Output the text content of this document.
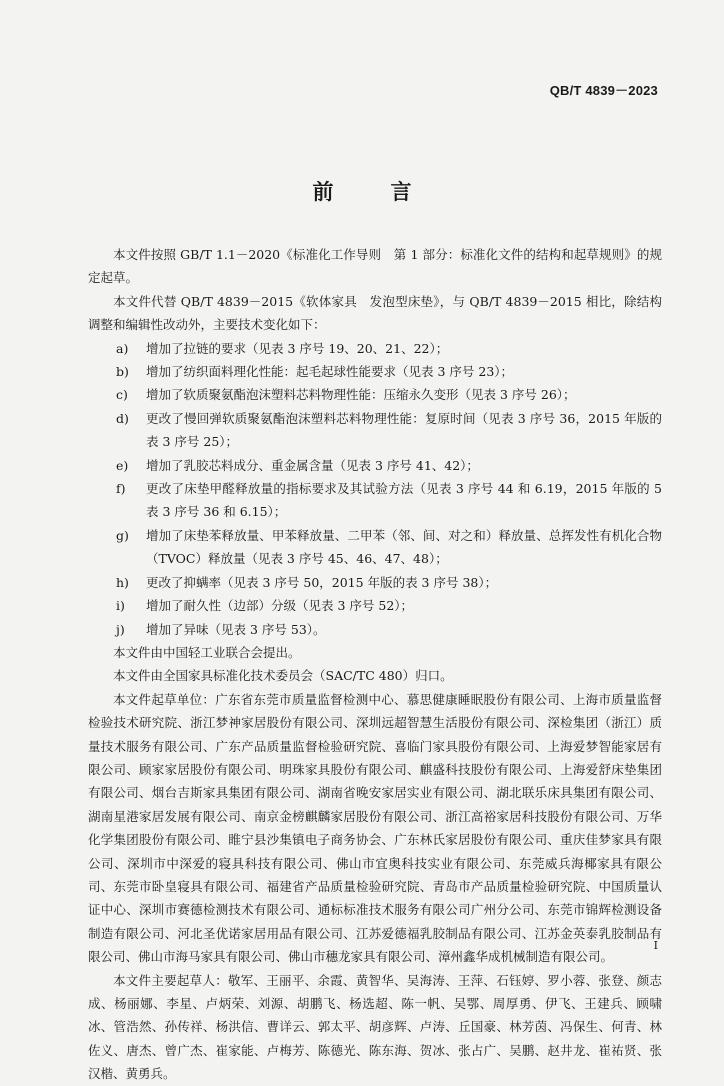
QB/T 4839－2023
前　言

本文件按照 GB/T 1.1－2020《标准化工作导则　第 1 部分：标准化文件的结构和起草规则》的规定起草。

本文件代替 QB/T 4839－2015《软体家具　发泡型床垫》，与 QB/T 4839－2015 相比，除结构调整和编辑性改动外，主要技术变化如下：

a)	增加了拉链的要求（见表 3 序号 19、20、21、22）；
b)	增加了纺织面料理化性能：起毛起球性能要求（见表 3 序号 23）；
c)	增加了软质聚氨酯泡沫塑料芯料物理性能：压缩永久变形（见表 3 序号 26）；
d)	更改了慢回弹软质聚氨酯泡沫塑料芯料物理性能：复原时间（见表 3 序号 36，2015 年版的表 3 序号 25）；
e)	增加了乳胶芯料成分、重金属含量（见表 3 序号 41、42）；
f)	更改了床垫甲醛释放量的指标要求及其试验方法（见表 3 序号 44 和 6.19，2015 年版的 5 表 3 序号 36 和 6.15）；
g)	增加了床垫苯释放量、甲苯释放量、二甲苯（邻、间、对之和）释放量、总挥发性有机化合物（TVOC）释放量（见表 3 序号 45、46、47、48）；
h)	更改了抑螨率（见表 3 序号 50，2015 年版的表 3 序号 38）；
i)	增加了耐久性（边部）分级（见表 3 序号 52）；
j)	增加了异味（见表 3 序号 53）。

本文件由中国轻工业联合会提出。

本文件由全国家具标准化技术委员会（SAC/TC 480）归口。

本文件起草单位：广东省东莞市质量监督检测中心、慕思健康睡眠股份有限公司、上海市质量监督检验技术研究院、浙江梦神家居股份有限公司、深圳远超智慧生活股份有限公司、深检集团（浙江）质量技术服务有限公司、广东产品质量监督检验研究院、喜临门家具股份有限公司、上海爱梦智能家居有限公司、顾家家居股份有限公司、明珠家具股份有限公司、麒盛科技股份有限公司、上海爱舒床垫集团有限公司、烟台吉斯家具集团有限公司、湖南省晚安家居实业有限公司、湖北联乐床具集团有限公司、湖南星港家居发展有限公司、南京金榜麒麟家居股份有限公司、浙江高裕家居科技股份有限公司、万华化学集团股份有限公司、睢宁县沙集镇电子商务协会、广东林氏家居股份有限公司、重庆佳梦家具有限公司、深圳市中深爱的寝具科技有限公司、佛山市宜奥科技实业有限公司、东莞威兵海椰家具有限公司、东莞市卧皇寝具有限公司、福建省产品质量检验研究院、青岛市产品质量检验研究院、中国质量认证中心、深圳市赛德检测技术有限公司、通标标准技术服务有限公司广州分公司、东莞市锦辉检测设备制造有限公司、河北圣优诺家居用品有限公司、江苏爱德福乳胶制品有限公司、江苏金英泰乳胶制品有限公司、佛山市海马家具有限公司、佛山市穗龙家具有限公司、漳州鑫华成机械制造有限公司。

本文件主要起草人：敬军、王丽平、余霞、黄智华、吴海涛、王萍、石钰婷、罗小蓉、张登、颜志成、杨丽娜、李星、卢炳荣、刘源、胡鹏飞、杨选超、陈一帆、吴鄂、周厚勇、伊飞、王建兵、顾啸冰、管浩然、孙传祥、杨洪信、曹详云、郭太平、胡彦辉、卢涛、丘国豪、林芳茵、冯保生、何青、林佐义、唐杰、曾广杰、崔家能、卢梅芳、陈德光、陈东海、贺冰、张占广、吴鹏、赵井龙、崔祐贤、张汉楷、黄勇兵。

I
